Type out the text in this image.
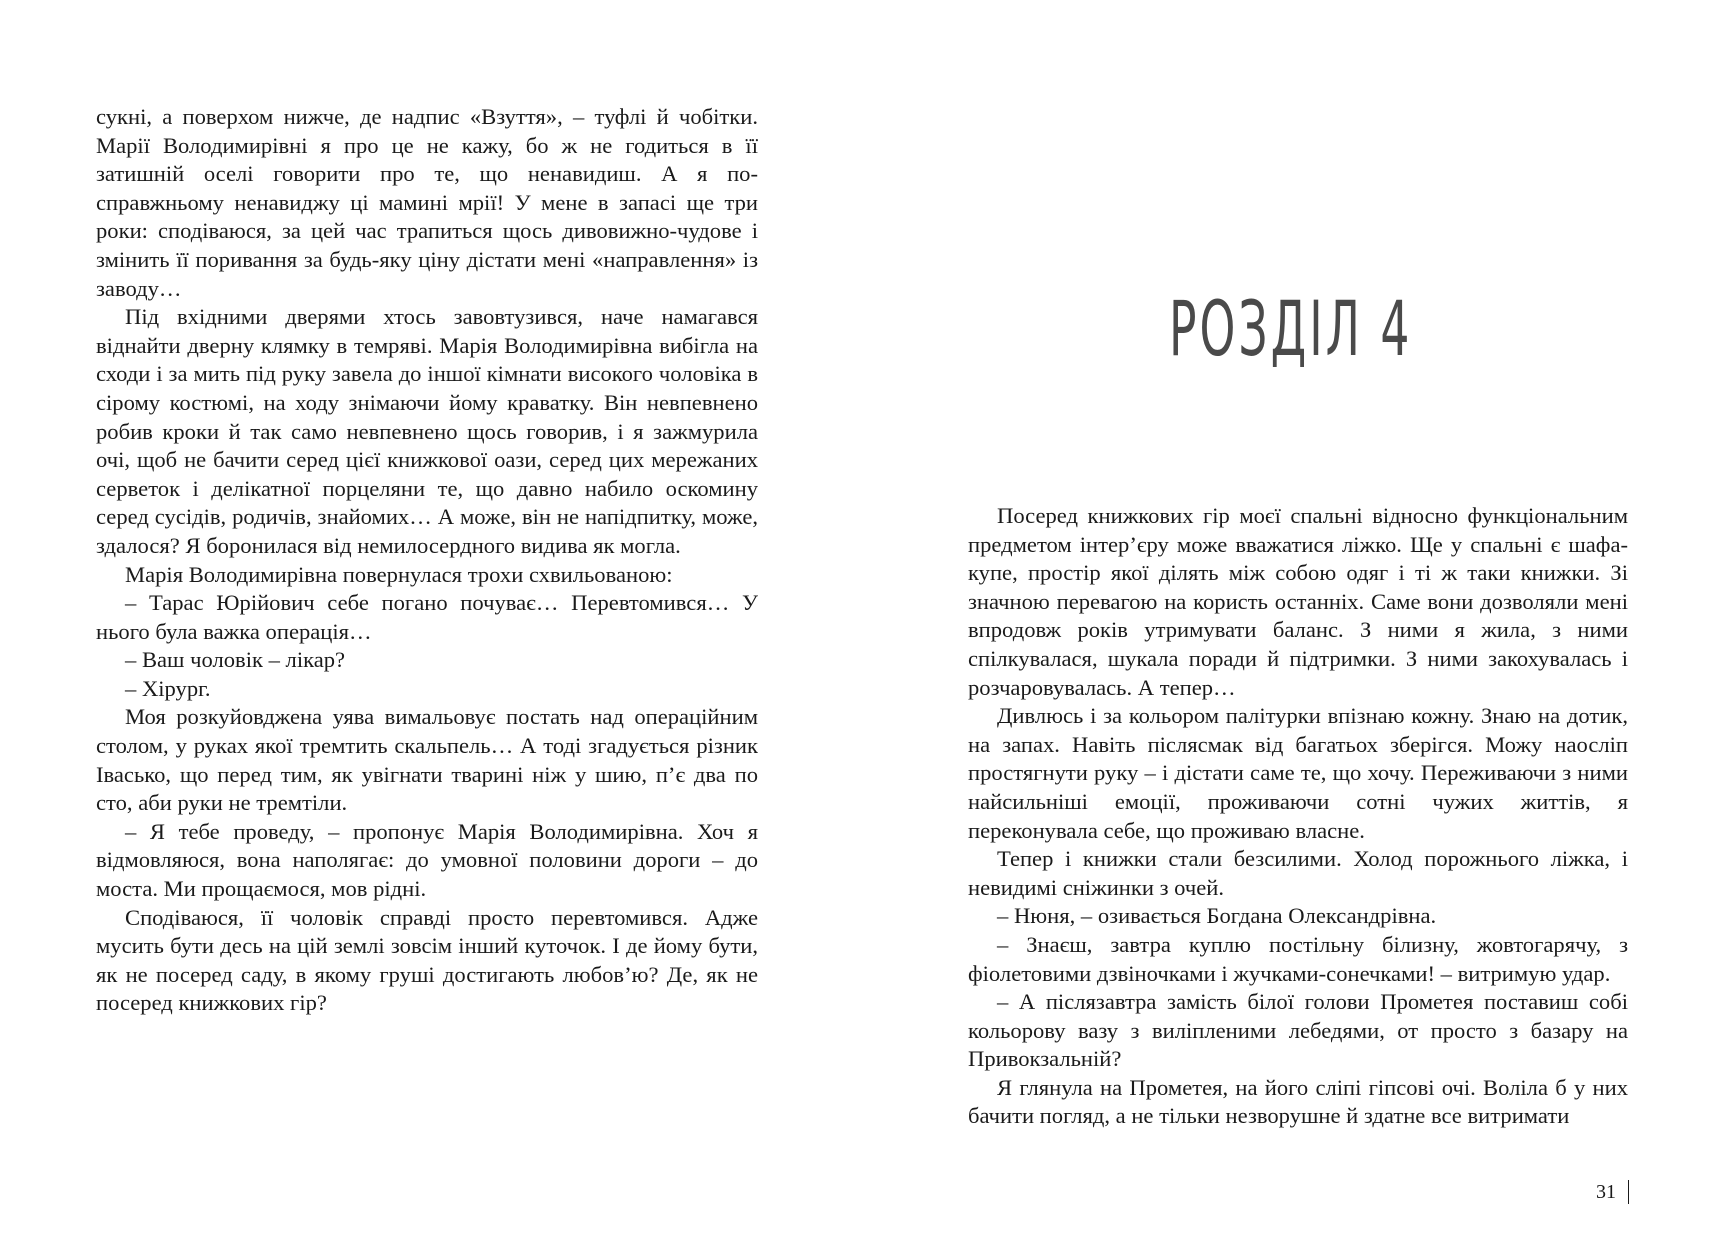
сукні, а поверхом нижче, де надпис «Взуття», – туфлі й чобітки. Марії Володимирівні я про це не кажу, бо ж не годиться в її затишній оселі говорити про те, що ненавидиш. А я по-справжньому ненавиджу ці мамині мрії! У мене в запасі ще три роки: сподіваюся, за цей час трапиться щось дивовижно-чудове і змінить її поривання за будь-яку ціну дістати мені «направлення» із заводу…

Під вхідними дверями хтось завовтузився, наче намагався віднайти дверну клямку в темряві. Марія Володимирівна вибігла на сходи і за мить під руку завела до іншої кімнати високого чоловіка в сірому костюмі, на ходу знімаючи йому краватку. Він невпевнено робив кроки й так само невпевнено щось говорив, і я зажмурила очі, щоб не бачити серед цієї книжкової оази, серед цих мережаних серветок і делікатної порцеляни те, що давно набило оскомину серед сусідів, родичів, знайомих… А може, він не напідпитку, може, здалося? Я боронилася від немилосердного видива як могла.

Марія Володимирівна повернулася трохи схвильованою:

– Тарас Юрійович себе погано почуває… Перевтомився… У нього була важка операція…

– Ваш чоловік – лікар?

– Хірург.

Моя розкуйовджена уява вимальовує постать над операційним столом, у руках якої тремтить скальпель… А тоді згадується різник Івасько, що перед тим, як увігнати тварині ніж у шию, п’є два по сто, аби руки не тремтіли.

– Я тебе проведу, – пропонує Марія Володимирівна. Хоч я відмовляюся, вона наполягає: до умовної половини дороги – до моста. Ми прощаємося, мов рідні.

Сподіваюся, її чоловік справді просто перевтомився. Адже мусить бути десь на цій землі зовсім інший куточок. І де йому бути, як не посеред саду, в якому груші достигають любов’ю? Де, як не посеред книжкових гір?

РОЗДІЛ 4

Посеред книжкових гір моєї спальні відносно функціональним предметом інтер’єру може вважатися ліжко. Ще у спальні є шафа-купе, простір якої ділять між собою одяг і ті ж таки книжки. Зі значною перевагою на користь останніх. Саме вони дозволяли мені впродовж років утримувати баланс. З ними я жила, з ними спілкувалася, шукала поради й підтримки. З ними закохувалась і розчаровувалась. А тепер…

Дивлюсь і за кольором палітурки впізнаю кожну. Знаю на дотик, на запах. Навіть післясмак від багатьох зберігся. Можу наосліп простягнути руку – і дістати саме те, що хочу. Переживаючи з ними найсильніші емоції, проживаючи сотні чужих життів, я переконувала себе, що проживаю власне.

Тепер і книжки стали безсилими. Холод порожнього ліжка, і невидимі сніжинки з очей.

– Нюня, – озивається Богдана Олександрівна.

– Знаєш, завтра куплю постільну білизну, жовтогарячу, з фіолетовими дзвіночками і жучками-сонечками! – витримую удар.

– А післязавтра замість білої голови Прометея поставиш собі кольорову вазу з виліпленими лебедями, от просто з базару на Привокзальній?

Я глянула на Прометея, на його сліпі гіпсові очі. Воліла б у них бачити погляд, а не тільки незворушне й здатне все витримати

31
